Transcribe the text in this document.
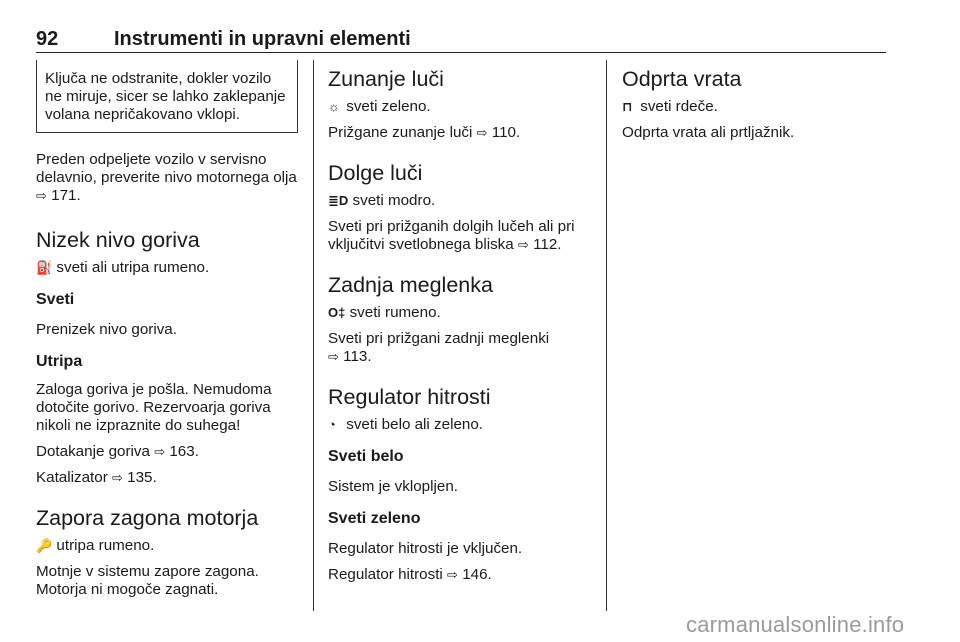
92	Instrumenti in upravni elementi

Ključa ne odstranite, dokler vozilo ne miruje, sicer se lahko zaklepanje volana nepričakovano vklopi.

Preden odpeljete vozilo v servisno delavnio, preverite nivo motornega olja ⇨ 171.

Nizek nivo goriva

⛽ sveti ali utripa rumeno.

Sveti

Prenizek nivo goriva.

Utripa

Zaloga goriva je pošla. Nemudoma dotočite gorivo. Rezervoarja goriva nikoli ne izpraznite do suhega!

Dotakanje goriva ⇨ 163.

Katalizator ⇨ 135.

Zapora zagona motorja

🔑 utripa rumeno.

Motnje v sistemu zapore zagona. Motorja ni mogoče zagnati.

Zunanje luči

☼ sveti zeleno.

Prižgane zunanje luči ⇨ 110.

Dolge luči

≣D sveti modro.

Sveti pri prižganih dolgih lučeh ali pri vključitvi svetlobnega bliska ⇨ 112.

Zadnja meglenka

O‡ sveti rumeno.

Sveti pri prižgani zadnji meglenki
⇨ 113.

Regulator hitrosti

◔ sveti belo ali zeleno.

Sveti belo

Sistem je vklopljen.

Sveti zeleno

Regulator hitrosti je vključen.

Regulator hitrosti ⇨ 146.

Odprta vrata

⊓ sveti rdeče.

Odprta vrata ali prtljažnik.

carmanualsonline.info
